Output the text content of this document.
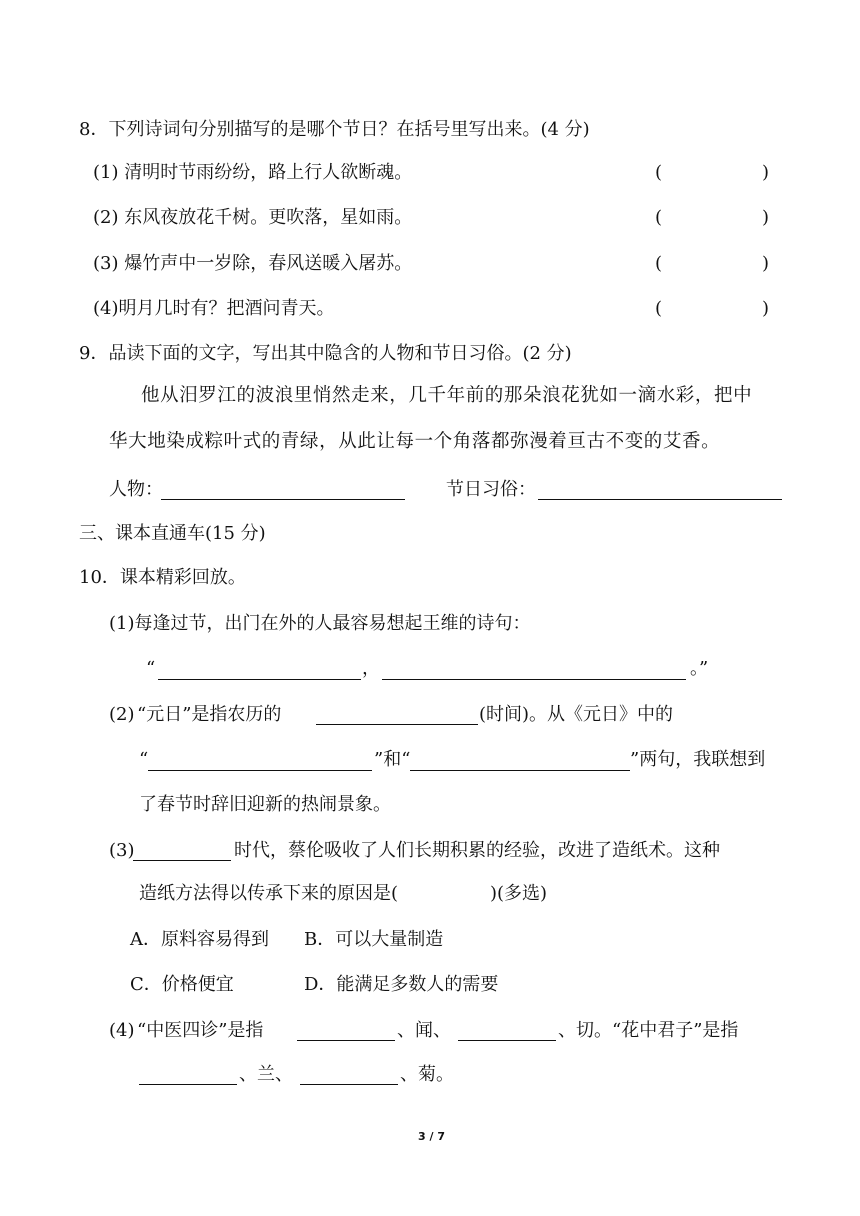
8．下列诗词句分别描写的是哪个节日？在括号里写出来。(4 分)
(1) 清明时节雨纷纷，路上行人欲断魂。	(	)
(2) 东风夜放花千树。更吹落，星如雨。	(	)
(3) 爆竹声中一岁除，春风送暖入屠苏。	(	)
(4)明月几时有？把酒问青天。	(	)
9．品读下面的文字，写出其中隐含的人物和节日习俗。(2 分)
他从汨罗江的波浪里悄然走来，几千年前的那朵浪花犹如一滴水彩，把中
华大地染成粽叶式的青绿，从此让每一个角落都弥漫着亘古不变的艾香。
人物：	节日习俗：
三、课本直通车(15 分)
10．课本精彩回放。
(1)每逢过节，出门在外的人最容易想起王维的诗句：
“	，	。”
(2) “元日”是指农历的	(时间)。从《元日》中的
“	”和“	”两句，我联想到
了春节时辞旧迎新的热闹景象。
(3)	时代，蔡伦吸收了人们长期积累的经验，改进了造纸术。这种
造纸方法得以传承下来的原因是(	)(多选)
A．原料容易得到 B．可以大量制造
C．价格便宜	D．能满足多数人的需要
(4) “中医四诊”是指	、闻、	、切。“花中君子”是指
、兰、	、菊。
3 / 7
